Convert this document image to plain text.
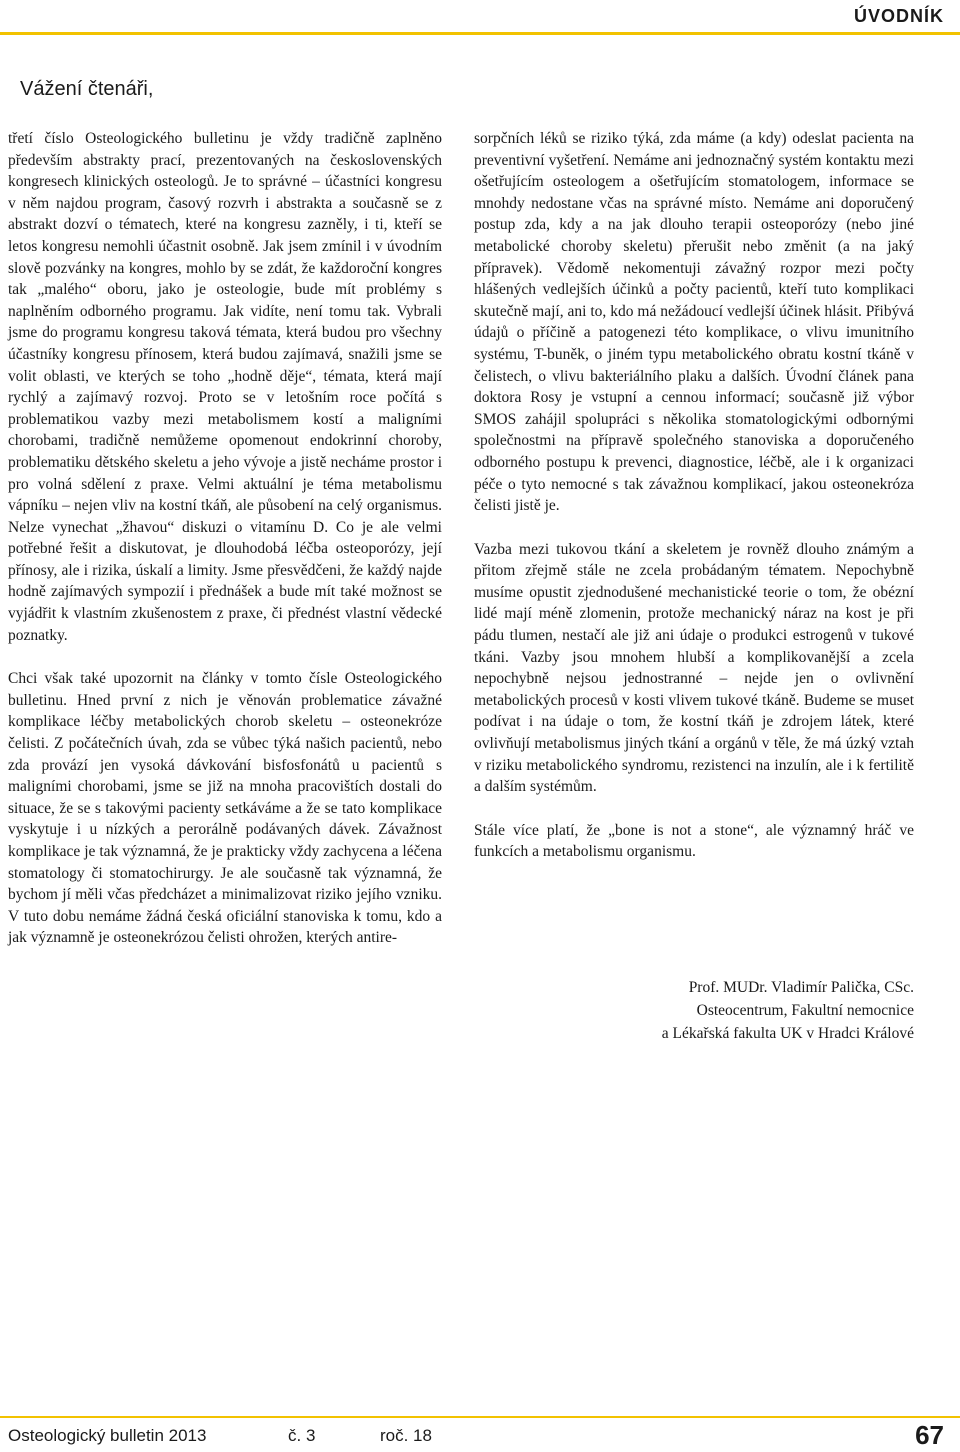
ÚVODNÍK
Vážení čtenáři,

třetí číslo Osteologického bulletinu je vždy tradičně zaplněno především abstrakty prací, prezentovaných na československých kongresech klinických osteologů. Je to správné – účastníci kongresu v něm najdou program, časový rozvrh i abstrakta a současně se z abstrakt dozví o tématech, které na kongresu zazněly, i ti, kteří se letos kongresu nemohli účastnit osobně. Jak jsem zmínil i v úvodním slově pozvánky na kongres, mohlo by se zdát, že každoroční kongres tak „malého“ oboru, jako je osteologie, bude mít problémy s naplněním odborného programu. Jak vidíte, není tomu tak. Vybrali jsme do programu kongresu taková témata, která budou pro všechny účastníky kongresu přínosem, která budou zajímavá, snažili jsme se volit oblasti, ve kterých se toho „hodně děje“, témata, která mají rychlý a zajímavý rozvoj. Proto se v letošním roce počítá s problematikou vazby mezi metabolismem kostí a maligními chorobami, tradičně nemůžeme opomenout endokrinní choroby, problematiku dětského skeletu a jeho vývoje a jistě necháme prostor i pro volná sdělení z praxe. Velmi aktuální je téma metabolismu vápníku – nejen vliv na kostní tkáň, ale působení na celý organismus. Nelze vynechat „žhavou“ diskuzi o vitamínu D. Co je ale velmi potřebné řešit a diskutovat, je dlouhodobá léčba osteoporózy, její přínosy, ale i rizika, úskalí a limity. Jsme přesvědčeni, že každý najde hodně zajímavých sympozií i přednášek a bude mít také možnost se vyjádřit k vlastním zkušenostem z praxe, či přednést vlastní vědecké poznatky.

Chci však také upozornit na články v tomto čísle Osteologického bulletinu. Hned první z nich je věnován problematice závažné komplikace léčby metabolických chorob skeletu – osteonekróze čelisti. Z počátečních úvah, zda se vůbec týká našich pacientů, nebo zda provází jen vysoká dávkování bisfosfonátů u pacientů s maligními chorobami, jsme se již na mnoha pracovištích dostali do situace, že se s takovými pacienty setkáváme a že se tato komplikace vyskytuje i u nízkých a perorálně podávaných dávek. Závažnost komplikace je tak významná, že je prakticky vždy zachycena a léčena stomatology či stomatochirurgy. Je ale současně tak významná, že bychom jí měli včas předcházet a minimalizovat riziko jejího vzniku. V tuto dobu nemáme žádná česká oficiální stanoviska k tomu, kdo a jak významně je osteonekrózou čelisti ohrožen, kterých antire-

sorpčních léků se riziko týká, zda máme (a kdy) odeslat pacienta na preventivní vyšetření. Nemáme ani jednoznačný systém kontaktu mezi ošetřujícím osteologem a ošetřujícím stomatologem, informace se mnohdy nedostane včas na správné místo. Nemáme ani doporučený postup zda, kdy a na jak dlouho terapii osteoporózy (nebo jiné metabolické choroby skeletu) přerušit nebo změnit (a na jaký přípravek). Vědomě nekomentuji závažný rozpor mezi počty hlášených vedlejších účinků a počty pacientů, kteří tuto komplikaci skutečně mají, ani to, kdo má nežádoucí vedlejší účinek hlásit. Přibývá údajů o příčině a patogenezi této komplikace, o vlivu imunitního systému, T-buněk, o jiném typu metabolického obratu kostní tkáně v čelistech, o vlivu bakteriálního plaku a dalších. Úvodní článek pana doktora Rosy je vstupní a cennou informací; současně již výbor SMOS zahájil spolupráci s několika stomatologickými odbornými společnostmi na přípravě společného stanoviska a doporučeného odborného postupu k prevenci, diagnostice, léčbě, ale i k organizaci péče o tyto nemocné s tak závažnou komplikací, jakou osteonekróza čelisti jistě je.

Vazba mezi tukovou tkání a skeletem je rovněž dlouho známým a přitom zřejmě stále ne zcela probádaným tématem. Nepochybně musíme opustit zjednodušené mechanistické teorie o tom, že obézní lidé mají méně zlomenin, protože mechanický náraz na kost je při pádu tlumen, nestačí ale již ani údaje o produkci estrogenů v tukové tkáni. Vazby jsou mnohem hlubší a komplikovanější a zcela nepochybně nejsou jednostranné – nejde jen o ovlivnění metabolických procesů v kosti vlivem tukové tkáně. Budeme se muset podívat i na údaje o tom, že kostní tkáň je zdrojem látek, které ovlivňují metabolismus jiných tkání a orgánů v těle, že má úzký vztah v riziku metabolického syndromu, rezistenci na inzulín, ale i k fertilitě a dalším systémům.

Stále více platí, že „bone is not a stone“, ale významný hráč ve funkcích a metabolismu organismu.

Prof. MUDr. Vladimír Palička, CSc.
Osteocentrum, Fakultní nemocnice
a Lékařská fakulta UK v Hradci Králové
Osteologický bulletin 2013	č. 3	roč. 18	67
